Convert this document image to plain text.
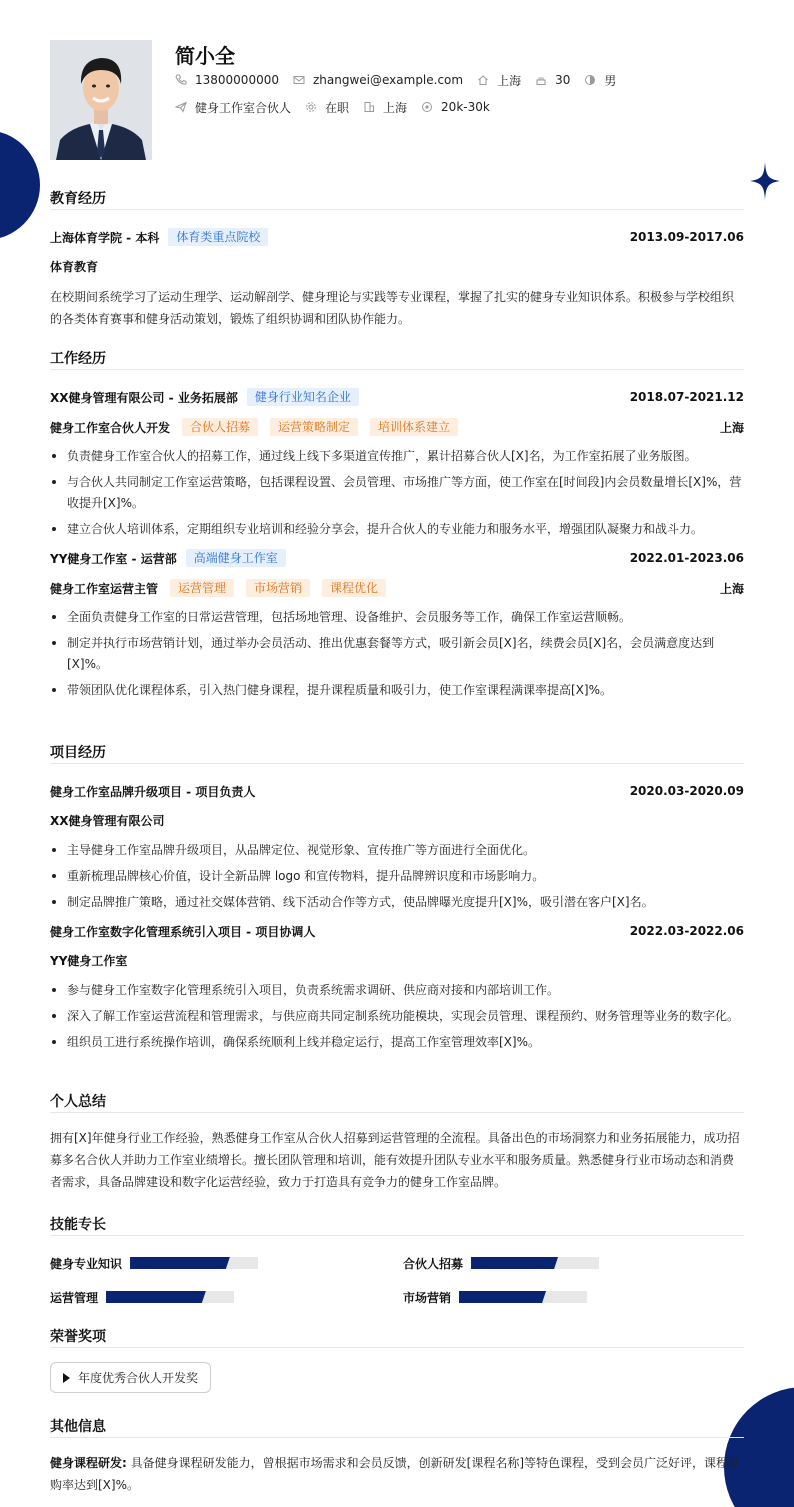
简小全
13800000000	zhangwei@example.com	上海	30	男
健身工作室合伙人	在职	上海	20k-30k
教育经历
上海体育学院 - 本科	体育类重点院校	2013.09-2017.06
体育教育
在校期间系统学习了运动生理学、运动解剖学、健身理论与实践等专业课程，掌握了扎实的健身专业知识体系。积极参与学校组织的各类体育赛事和健身活动策划，锻炼了组织协调和团队协作能力。
工作经历
XX健身管理有限公司 - 业务拓展部	健身行业知名企业	2018.07-2021.12
健身工作室合伙人开发	合伙人招募	运营策略制定	培训体系建立	上海
负责健身工作室合伙人的招募工作，通过线上线下多渠道宣传推广，累计招募合伙人[X]名，为工作室拓展了业务版图。
与合伙人共同制定工作室运营策略，包括课程设置、会员管理、市场推广等方面，使工作室在[时间段]内会员数量增长[X]%，营收提升[X]%。
建立合伙人培训体系，定期组织专业培训和经验分享会，提升合伙人的专业能力和服务水平，增强团队凝聚力和战斗力。
YY健身工作室 - 运营部	高端健身工作室	2022.01-2023.06
健身工作室运营主管	运营管理	市场营销	课程优化	上海
全面负责健身工作室的日常运营管理，包括场地管理、设备维护、会员服务等工作，确保工作室运营顺畅。
制定并执行市场营销计划，通过举办会员活动、推出优惠套餐等方式，吸引新会员[X]名，续费会员[X]名，会员满意度达到[X]%。
带领团队优化课程体系，引入热门健身课程，提升课程质量和吸引力，使工作室课程满课率提高[X]%。
项目经历
健身工作室品牌升级项目 - 项目负责人	2020.03-2020.09
XX健身管理有限公司
主导健身工作室品牌升级项目，从品牌定位、视觉形象、宣传推广等方面进行全面优化。
重新梳理品牌核心价值，设计全新品牌 logo 和宣传物料，提升品牌辨识度和市场影响力。
制定品牌推广策略，通过社交媒体营销、线下活动合作等方式，使品牌曝光度提升[X]%，吸引潜在客户[X]名。
健身工作室数字化管理系统引入项目 - 项目协调人	2022.03-2022.06
YY健身工作室
参与健身工作室数字化管理系统引入项目，负责系统需求调研、供应商对接和内部培训工作。
深入了解工作室运营流程和管理需求，与供应商共同定制系统功能模块，实现会员管理、课程预约、财务管理等业务的数字化。
组织员工进行系统操作培训，确保系统顺利上线并稳定运行，提高工作室管理效率[X]%。
个人总结
拥有[X]年健身行业工作经验，熟悉健身工作室从合伙人招募到运营管理的全流程。具备出色的市场洞察力和业务拓展能力，成功招募多名合伙人并助力工作室业绩增长。擅长团队管理和培训，能有效提升团队专业水平和服务质量。熟悉健身行业市场动态和消费者需求，具备品牌建设和数字化运营经验，致力于打造具有竞争力的健身工作室品牌。
技能专长
健身专业知识	合伙人招募
运营管理	市场营销
荣誉奖项
年度优秀合伙人开发奖
其他信息
健身课程研发: 具备健身课程研发能力，曾根据市场需求和会员反馈，创新研发[课程名称]等特色课程，受到会员广泛好评，课程复购率达到[X]%。
